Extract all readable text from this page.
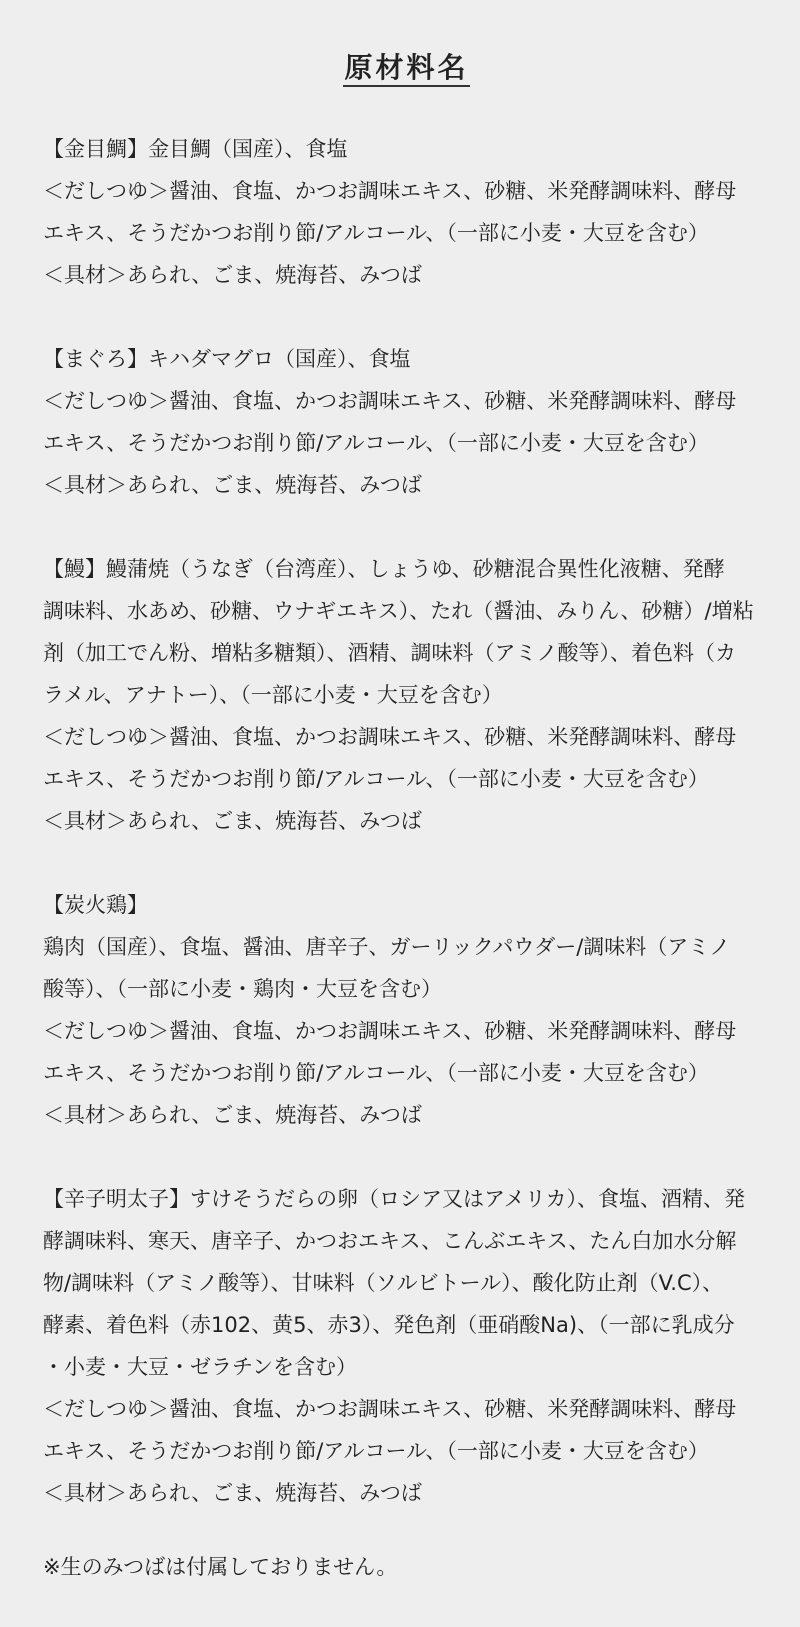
原材料名

【金目鯛】金目鯛（国産）、食塩

＜だしつゆ＞醤油、食塩、かつお調味エキス、砂糖、米発酵調味料、酵母

エキス、そうだかつお削り節/アルコール、（一部に小麦・大豆を含む）

＜具材＞あられ、ごま、焼海苔、みつば

【まぐろ】キハダマグロ（国産）、食塩

＜だしつゆ＞醤油、食塩、かつお調味エキス、砂糖、米発酵調味料、酵母

エキス、そうだかつお削り節/アルコール、（一部に小麦・大豆を含む）

＜具材＞あられ、ごま、焼海苔、みつば

【鰻】鰻蒲焼（うなぎ（台湾産）、しょうゆ、砂糖混合異性化液糖、発酵

調味料、水あめ、砂糖、ウナギエキス）、たれ（醤油、みりん、砂糖）/増粘

剤（加工でん粉、増粘多糖類）、酒精、調味料（アミノ酸等）、着色料（カ

ラメル、アナトー）、（一部に小麦・大豆を含む）

＜だしつゆ＞醤油、食塩、かつお調味エキス、砂糖、米発酵調味料、酵母

エキス、そうだかつお削り節/アルコール、（一部に小麦・大豆を含む）

＜具材＞あられ、ごま、焼海苔、みつば

【炭火鶏】

鶏肉（国産）、食塩、醤油、唐辛子、ガーリックパウダー/調味料（アミノ

酸等）、（一部に小麦・鶏肉・大豆を含む）

＜だしつゆ＞醤油、食塩、かつお調味エキス、砂糖、米発酵調味料、酵母

エキス、そうだかつお削り節/アルコール、（一部に小麦・大豆を含む）

＜具材＞あられ、ごま、焼海苔、みつば

【辛子明太子】すけそうだらの卵（ロシア又はアメリカ）、食塩、酒精、発

酵調味料、寒天、唐辛子、かつおエキス、こんぶエキス、たん白加水分解

物/調味料（アミノ酸等）、甘味料（ソルビトール）、酸化防止剤（V.C）、

酵素、着色料（赤102、黄5、赤3）、発色剤（亜硝酸Na)、（一部に乳成分

・小麦・大豆・ゼラチンを含む）

＜だしつゆ＞醤油、食塩、かつお調味エキス、砂糖、米発酵調味料、酵母

エキス、そうだかつお削り節/アルコール、（一部に小麦・大豆を含む）

＜具材＞あられ、ごま、焼海苔、みつば

※生のみつばは付属しておりません。
